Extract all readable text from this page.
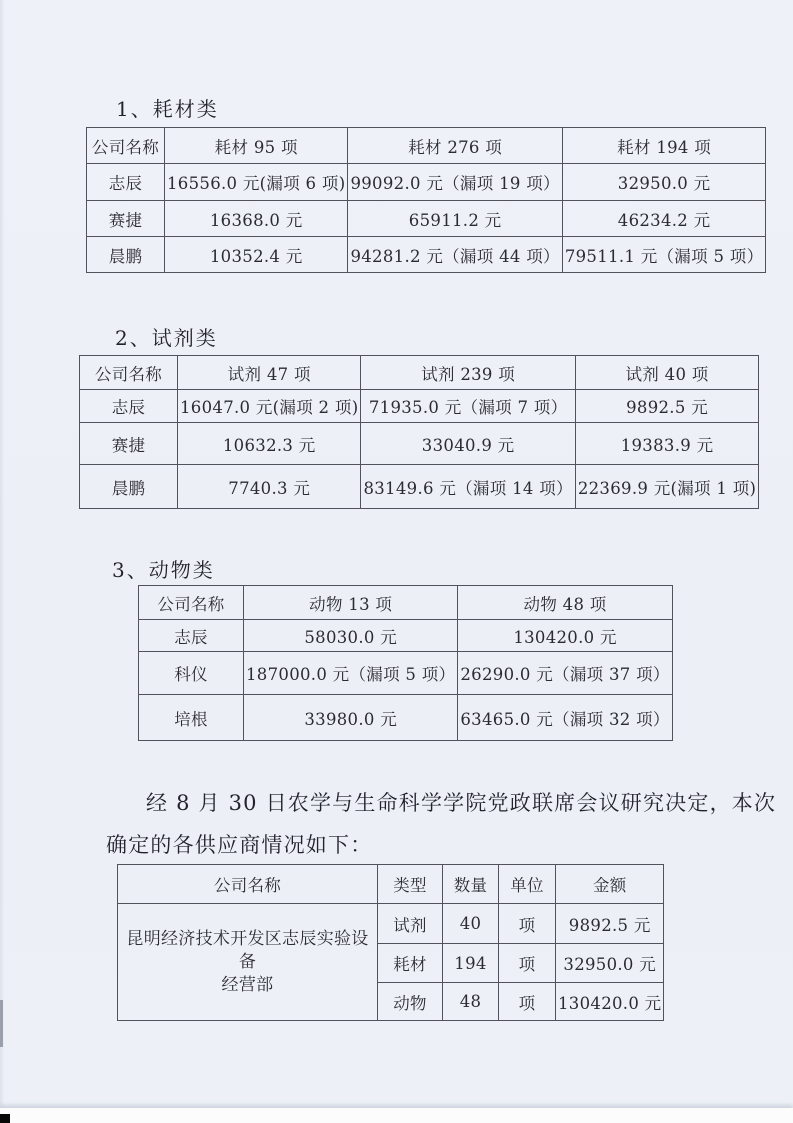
1、耗材类
公司名称	耗材 95 项	耗材 276 项	耗材 194 项
志辰	16556.0 元(漏项 6 项)	99092.0 元（漏项 19 项）	32950.0 元
赛捷	16368.0 元	65911.2 元	46234.2 元
晨鹏	10352.4 元	94281.2 元（漏项 44 项）	79511.1 元（漏项 5 项）
2、试剂类
公司名称	试剂 47 项	试剂 239 项	试剂 40 项
志辰	16047.0 元(漏项 2 项)	71935.0 元（漏项 7 项）	9892.5 元
赛捷	10632.3 元	33040.9 元	19383.9 元
晨鹏	7740.3 元	83149.6 元（漏项 14 项）	22369.9 元(漏项 1 项)
3、动物类
公司名称	动物 13 项	动物 48 项
志辰	58030.0 元	130420.0 元
科仪	187000.0 元（漏项 5 项）	26290.0 元（漏项 37 项）
培根	33980.0 元	63465.0 元（漏项 32 项）
经 8 月 30 日农学与生命科学学院党政联席会议研究决定，本次
确定的各供应商情况如下：
公司名称	类型	数量	单位	金额

昆明经济技术开发区志辰实验设备
经营部	试剂	40	项	9892.5 元
	耗材	194	项	32950.0 元
	动物	48	项	130420.0 元
